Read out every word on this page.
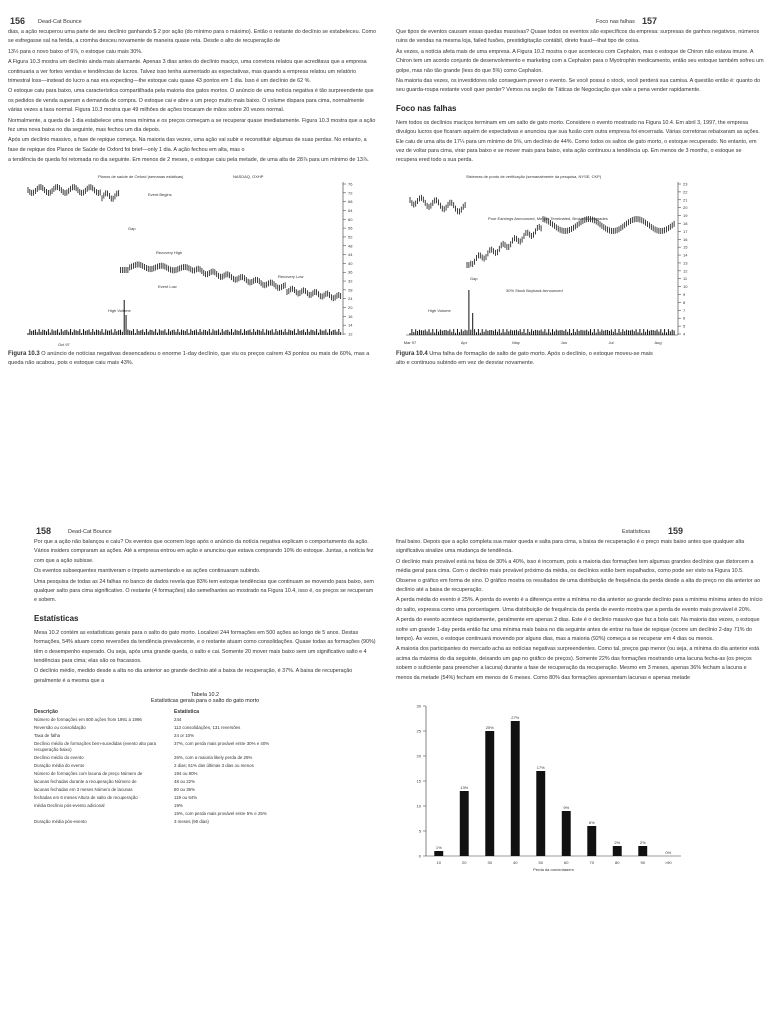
156 Dead-Cat Bounce

dias, a ação recuperou uma parte de seu declínio ganhando $ 2 por ação (do mínimo para o máximo). Então o restante do declínio se estabeleceu. Como se esfregasse sal na ferida, a cromha desceu novamente de maneira quase reta. Desde o alto de recuperação de

13½ para o novo baixo of 9⅞, o estoque caiu mais 30%.

A Figura 10.3 mostra um declínio ainda mais alarmante. Apenas 3 dias antes do declínio maciço, uma corretora relatou que acreditava que a empresa continuaria a ver fortes vendas e tendências de lucros. Talvez isso tenha aumentado as expectativas, mas quando a empresa relatou um relatório trimestral loss—instead do lucro a nas era expecting—the estoque caiu quase 43 pontos em 1 dia. Isso é um declínio de 62 %.

O estoque caiu para baixo, uma característica compartilhada pela maioria dos gatos mortos. O anúncio de uma notícia negativa é tão surpreendente que os pedidos de venda superam a demanda de compra. O estoque cai e abre a um preço muito mais baixo. O volume dispara para cima, normalmente várias vezes a taxa normal. Figura 10.3 mostra que 49 milhões de ações trocaram de mãos sobre 20 vezes normal.

Normalmente, a queda de 1 dia estabelece uma nova mínima e os preços começam a se recuperar quase imediatamente. Figura 10.3 mostra que a ação fez uma nova baixa no dia seguinte, mas fechou um dia depois.

Após um declínio massivo, a fase de repique começa. Na maioria das vezes, uma ação vai subir e reconstituir algumas de suas perdas. No entanto, a fase de repique dos Planos de Saúde de Oxford foi brief—only 1 dia. A ação fechou em alta, mas o

a tendência de queda foi retomada no dia seguinte. Em menos de 2 meses, o estoque caiu pela metade, de uma alta de 28⅞ para um mínimo de 13⅞.

Planos de saúde de Oxford (semanas estáticas)	NASDAQ, OXHP
76
72
68
64
60
56
52
48
44
40
36
32
28
24
20
16
14
12
Event Begins
Gap
Recovery High
Event Low
Recovery Low
High Volume
Oct 97
Figura 10.3 O anúncio de notícias negativas desencadeou o enorme 1-day declínio, que viu os preços caírem 43 pontos ou mais de 60%, mas a queda não acabou, pois o estoque caiu mais 43%.
Foco nas falhas 157

Que tipos de eventos causam essas quedas massivas? Quase todos os eventos são específicos da empresa: surpresas de ganhos negativos, números ruins de vendas na mesma loja, failed fusões, prestidigitação contábil, direto fraud—that tipo de coisa.

Às vezes, a notícia afeta mais de uma empresa. A Figura 10.2 mostra o que aconteceu com Cephalon, mas o estoque de Chiron não estava imune. A Chiron tem um acordo conjunto de desenvolvimento e marketing com a Cephalon para o Myotrophin medicamento, então seu estoque também sofreu um golpe, mas não tão grande (less do que 5%) como Cephalon.

Na maioria das vezes, os investidores não conseguem prever o evento. Se você possui o stock, você perderá sua camisa. A questão então é: quanto do seu guarda-roupa restante você quer perder? Vemos na seção de Táticas de Negociação que vale a pena vender rapidamente.

Foco nas falhas

Nem todos os declínios maciços terminam em um salto de gato morto. Considere o evento mostrado na Figura 10.4. Em abril 3, 1997, the empresa divulgou lucros que ficaram aquém de expectativas e anunciou que sua fusão com outra empresa foi encerrada. Várias corretoras rebaixaram as ações. Ele caiu de uma alta de 17¼ para um mínimo de 9⅝, um declínio de 44%. Como todos os saltos de gato morto, o estoque recuperado. No entanto, em vez de voltar para cima, virar para baixo e se mover mais para baixo, esta ação continuou a tendência up. Em menos de 3 months, o estoque se recupera ered todo a sua perda.

Sistemas de ponto de verificação (semanalmente da pesquisa, NYSE, CKP)
23
22
21
20
19
18
17
16
15
14
13
12
11
10
9
8
7
6
5
4
Mar 97	Apr	May	Jun	Jul	Aug
Poor Earnings Announced, Merger Terminated, Broker Downgrades
Gap
30% Stock Buyback Announced
High Volume
Figura 10.4 Uma falha de formação de salto de gato morto. Após o declínio, o estoque moveu-se mais alto e continuou subindo em vez de desviar novamente.
158	Dead-Cat Bounce

Por que a ação não balançou e caiu? Os eventos que ocorrem logo após o anúncio da notícia negativa explicam o comportamento da ação. Vários insiders compraram as ações. Até a empresa entrou em ação e anunciou que estava comprando 10% do estoque. Juntas, a notícia fez com que a ação subisse.

Os eventos subsequentes mantiveram o ímpeto aumentando e as ações continuaram subindo.

Uma pesquisa de todas as 24 falhas no banco de dados revela que 83% tem estoque tendências que continuam se movendo para baixo, sem qualquer salto para cima significativo. O restante (4 formações) são semelhantes ao mostrado na Figura 10.4, isso é, os preços se recuperam e sobem.

Estatísticas

Mesa 10.2 contém as estatísticas gerais para o salto do gato morto. Localizei 244 formações em 500 ações ao longo de 5 anos. Destas formações, 54% atuam como reversões da tendência prevalecente, e o restante atuam como consolidações. Quase todas as formações (90%) têm o desempenho esperado. Ou seja, após uma grande queda, o salto e cai. Somente 20 mover mais baixo sem um significativo salto e 4 tendências para cima; elas são os fracassos.

O declínio médio, medido desde a alta no dia anterior ao grande declínio até a baixa de recuperação, é 37%. A baixa de recuperação geralmente é a mesma que a

Tabela 10.2
Estatísticas gerais para o salto do gato morto
Descrição	Estatística
Número de formações em 500 ações from 1991 a 1996	244
Reversão ou consolidação	113 consolidações, 131 reversões
Taxa de falha	24 or 10%
Declínio médio de formações bem-sucedidas (evento alto para recuperação baixo)	37%, com perda mais provável entre 30% e 40%
Declínio médio do evento	26%, com a maioria likely perda de 25%
Duração média do evento	2 dias; 61% das últimas 3 dias ou menos
Número de formações com lacuna de preço Número de	194 ou 80%
lacunas fechadas durante a recuperação Número de	48 ou 22%
lacunas fechadas em 3 meses Número de lacunas	80 ou 36%
fechadas em 6 meses Altura de salto de recuperação	119 ou 54%
média Declínio pós-evento adicional	19%
	15%, com perda mais provável entre 5% e 25%
Duração média pós-evento	3 meses (90 dias)
Estatísticas 159

final baixo. Depois que a ação completa sua maior queda e salta para cima, a baixa de recuperação é o preço mais baixo antes que qualquer alta significativa sinalize uma mudança de tendência.

O declínio mais provável está na faixa de 30% a 40%, isso é incomum, pois a maioria das formações tem algumas grandes declínios que distorcem a média geral para cima. Com o declínio mais provável próximo da média, os declínios estão bem espalhados, como pode ser visto na Figura 10.5. Observe o gráfico em forma de sino. O gráfico mostra os resultados de uma distribuição de frequência da perda desde a alta do preço no dia anterior ao declínio até a baixa de recuperação.

A perda média do evento é 25%. A perda do evento é a diferença entre a mínima no dia anterior ao grande declínio para a mínima mínima antes do início do salto, expressa como uma porcentagem. Uma distribuição de frequência da perda de evento mostra que a perda de evento mais provável é 20%.

A perda do evento acontece rapidamente, geralmente em apenas 2 dias. Este é o declínio massivo que faz a bola cair. Na maioria das vezes, o estoque sofre um grande 1-day perda então faz uma mínima mais baixa no dia seguinte antes de entrar na fase de repique (ocorre um declínio 2-day 71% do tempo). Às vezes, o estoque continuará movendo por alguns dias, mas a maioria (92%) começa a se recuperar em 4 dias ou menos.

A maioria dos participantes do mercado acha as notícias negativas surpreendentes. Como tal, preços gap menor (ou seja, a mínima do dia anterior está acima da máxima do dia seguinte, deixando um gap no gráfico de preços). Somente 22% das formações mostrando uma lacuna fecha-as (os preços sobem o suficiente para preencher a lacuna) durante a fase de recuperação da recuperação. Mesmo em 3 meses, apenas 36% fecham a lacuna e menos da metade (54%) fecham em menos de 6 meses. Como 80% das formações apresentam lacunas e apenas metade

30
25
20
15
10
5
0
1%
10
13%
20
25%
30
27%
40
17%
50
9%
60
6%
70
2%
80
2%
90
0%
>90
Perda da porcentagem
